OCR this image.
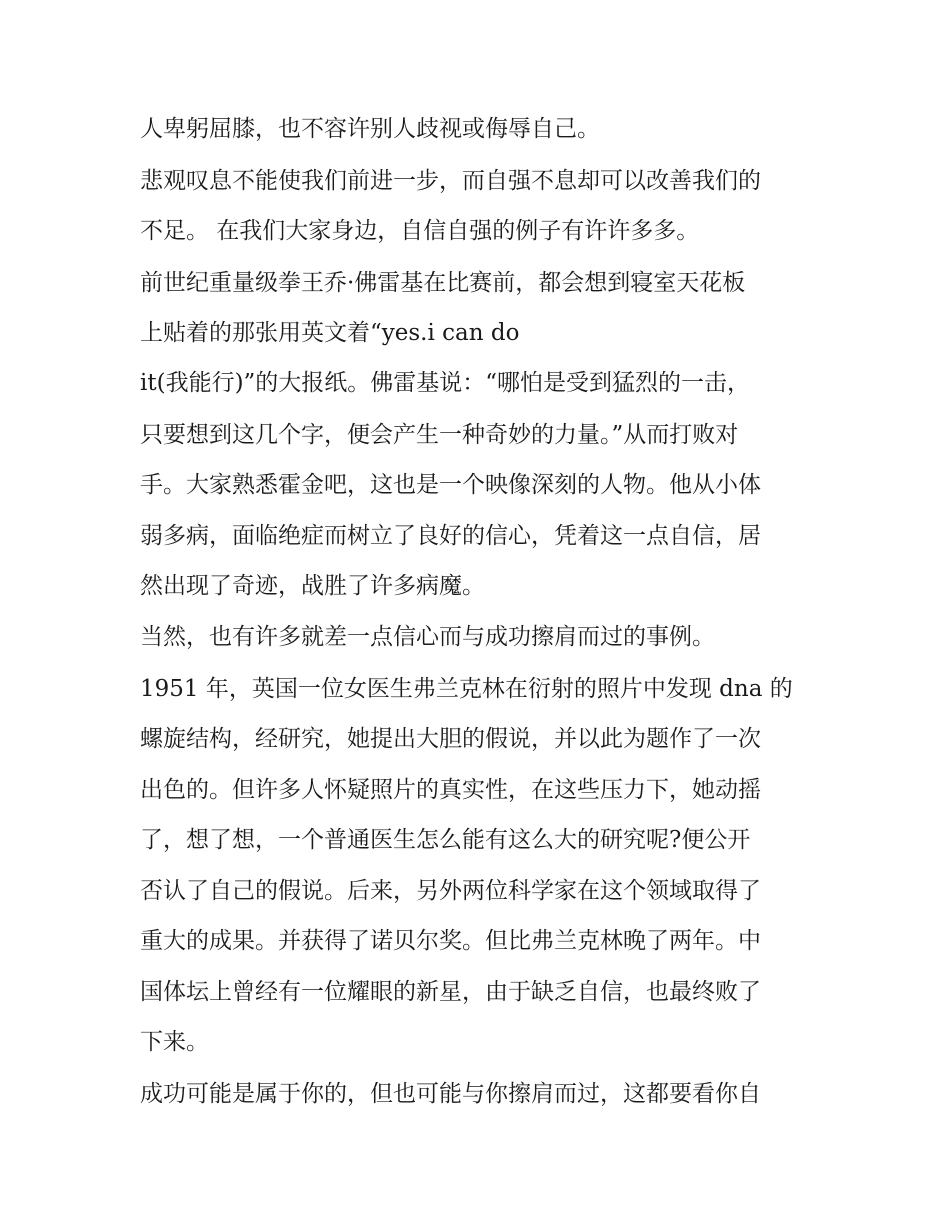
人卑躬屈膝，也不容许别人歧视或侮辱自己。

悲观叹息不能使我们前进一步，而自强不息却可以改善我们的

不足。 在我们大家身边，自信自强的例子有许许多多。

前世纪重量级拳王乔·佛雷基在比赛前，都会想到寝室天花板

上贴着的那张用英文着“yes.i can do

it(我能行)”的大报纸。佛雷基说：“哪怕是受到猛烈的一击，

只要想到这几个字，便会产生一种奇妙的力量。”从而打败对

手。大家熟悉霍金吧，这也是一个映像深刻的人物。他从小体

弱多病，面临绝症而树立了良好的信心，凭着这一点自信，居

然出现了奇迹，战胜了许多病魔。

当然，也有许多就差一点信心而与成功擦肩而过的事例。

1951 年，英国一位女医生弗兰克林在衍射的照片中发现 dna 的

螺旋结构，经研究，她提出大胆的假说，并以此为题作了一次

出色的。但许多人怀疑照片的真实性，在这些压力下，她动摇

了，想了想，一个普通医生怎么能有这么大的研究呢?便公开

否认了自己的假说。后来，另外两位科学家在这个领域取得了

重大的成果。并获得了诺贝尔奖。但比弗兰克林晚了两年。中

国体坛上曾经有一位耀眼的新星，由于缺乏自信，也最终败了

下来。

成功可能是属于你的，但也可能与你擦肩而过，这都要看你自
